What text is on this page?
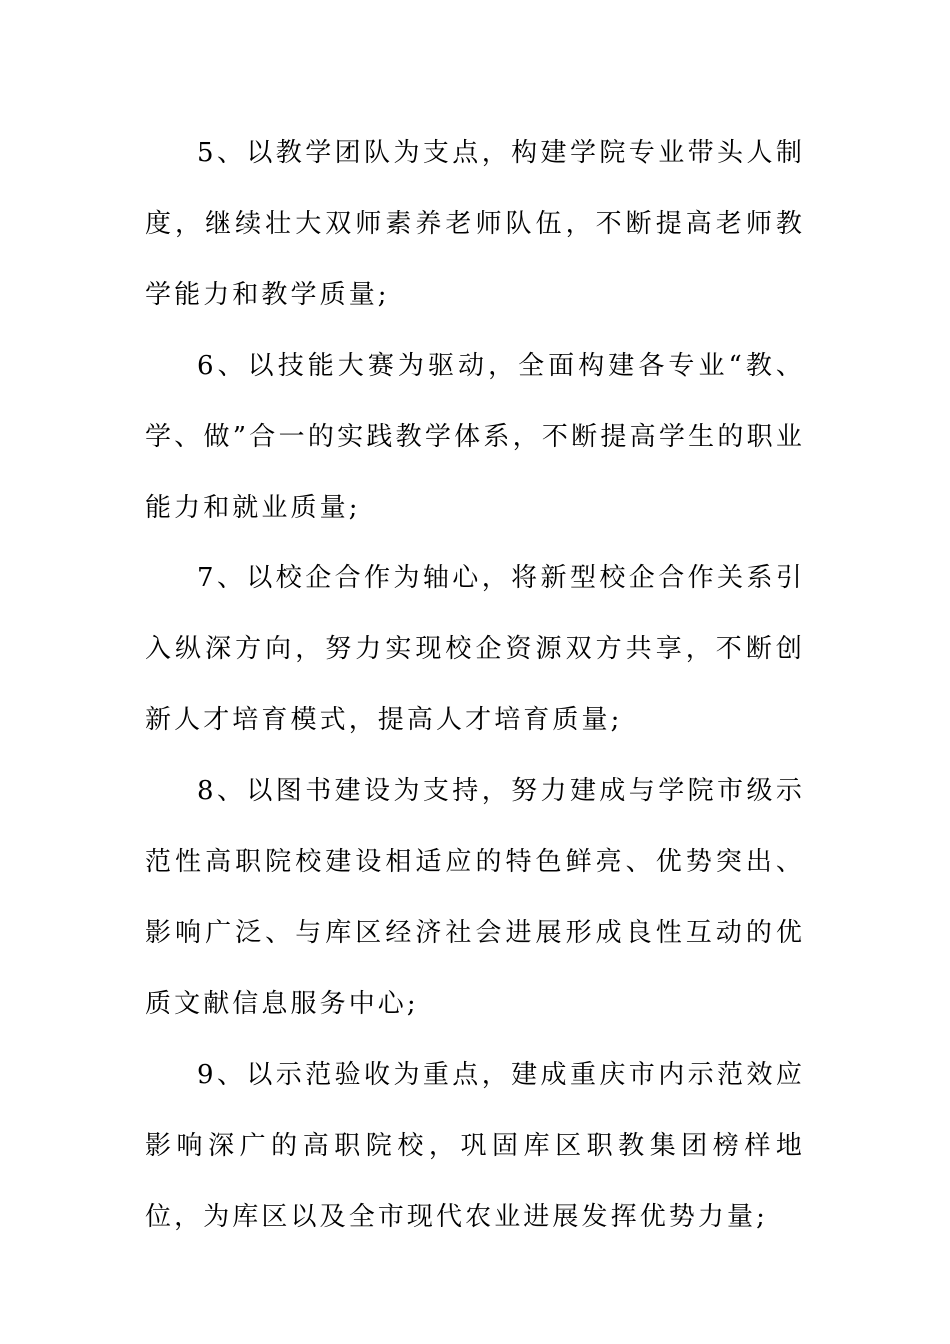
5、以教学团队为支点，构建学院专业带头人制度，继续壮大双师素养老师队伍，不断提高老师教学能力和教学质量;

6、以技能大赛为驱动，全面构建各专业“教、学、做”合一的实践教学体系，不断提高学生的职业能力和就业质量;

7、以校企合作为轴心，将新型校企合作关系引入纵深方向，努力实现校企资源双方共享，不断创新人才培育模式，提高人才培育质量;

8、以图书建设为支持，努力建成与学院市级示范性高职院校建设相适应的特色鲜亮、优势突出、影响广泛、与库区经济社会进展形成良性互动的优质文献信息服务中心;

9、以示范验收为重点，建成重庆市内示范效应影响深广的高职院校，巩固库区职教集团榜样地位，为库区以及全市现代农业进展发挥优势力量;
